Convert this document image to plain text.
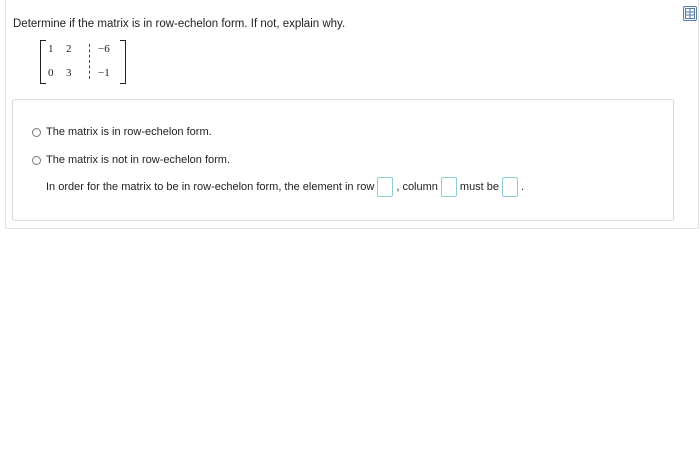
Determine if the matrix is in row-echelon form. If not, explain why.
1 2 −6
0 3 −1
The matrix is in row-echelon form.
The matrix is not in row-echelon form.
In order for the matrix to be in row-echelon form, the element in row , column must be .
